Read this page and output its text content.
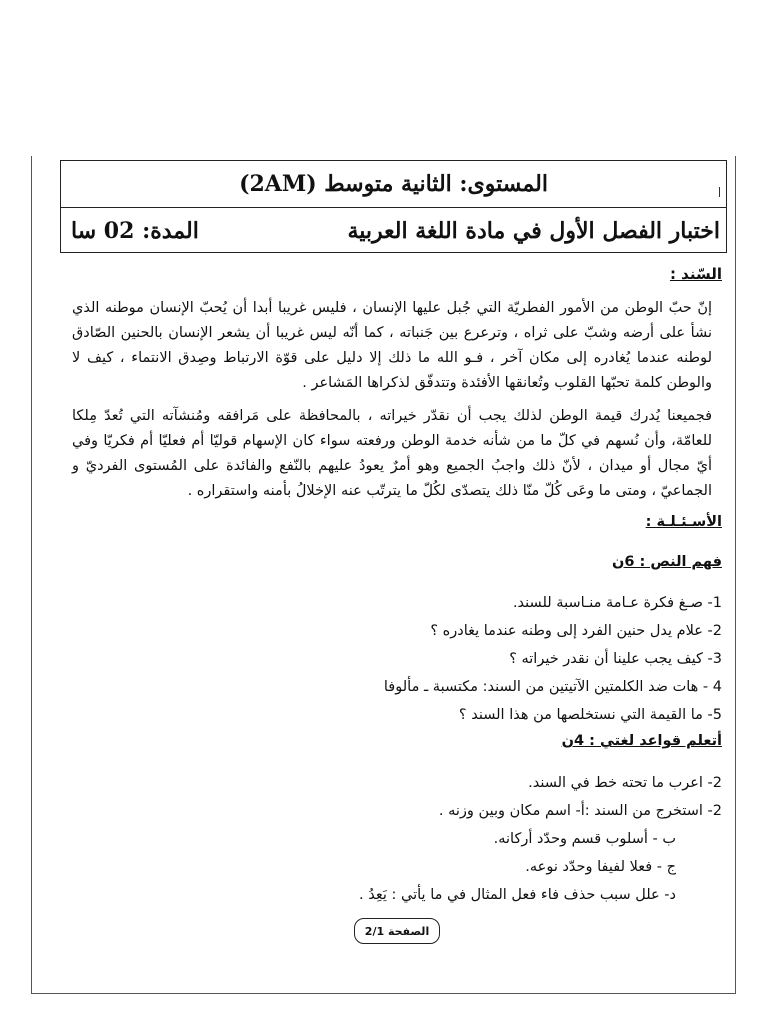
المستوى: الثانية متوسط (2AM)
اختبار الفصل الأول في مادة اللغة العربية
المدة: 02 سا

السّند :

إنّ حبّ الوطن من الأمور الفطريّة التي جُبل عليها الإنسان ، فليس غريبا أبدا أن يُحبّ الإنسان موطنه الذي نشأ على أرضه وشبّ على ثراه ، وترعرع بين جَنباته ، كما أنّه ليس غريبا أن يشعر الإنسان بالحنين الصّادق لوطنه عندما يُغادره إلى مكان آخر ، فـو الله ما ذلك إلا دليل على قوّة الارتباط وصِدق الانتماء ، كيف لا والوطن كلمة تحبّها القلوب وتُعانقها الأفئدة وتتدفّق لذكراها المَشاعر .

فجميعنا يُدرك قيمة الوطن لذلك يجب أن نقدّر خيراته ، بالمحافظة على مَرافقه ومُنشآته التي تُعدّ مِلكا للعامّة، وأن نُسهم في كلّ ما من شأنه خدمة الوطن ورفعته سواء كان الإسهام قوليّا أم فعليّا أم فكريّا وفي أيّ مجال أو ميدان ، لأنّ ذلك واجبُ الجميع وهو أمرٌ يعودُ عليهم بالنّفع والفائدة على المُستوى الفرديّ و الجماعيّ ، ومتى ما وعَى كُلّ منّا ذلك يتصدّى لكُلّ ما يترتّب عنه الإخلالُ بأمنه واستقراره .

الأسـئـلـة :

فهم النص : 6ن

1- صـغ فكرة عـامة منـاسبة للسند.

2- علام يدل حنين الفرد إلى وطنه عندما يغادره ؟

3- كيف يجب علينا أن نقدر خيراته ؟

4 - هات ضد الكلمتين الآتيتين من السند: مكتسبة ـ مألوفا

5- ما القيمة التي نستخلصها من هذا السند ؟

أتعلم قواعد لغتي : 4ن

2- اعرب ما تحته خط في السند.

2- استخرج من السند :أ- اسم مكان وبين وزنه .

ب - أسلوب قسم وحدّد أركانه.

ج - فعلا لفيفا وحدّد نوعه.

د- علل سبب حذف فاء فعل المثال في ما يأتي : يَعِدُ .

الصفحة 2/1
